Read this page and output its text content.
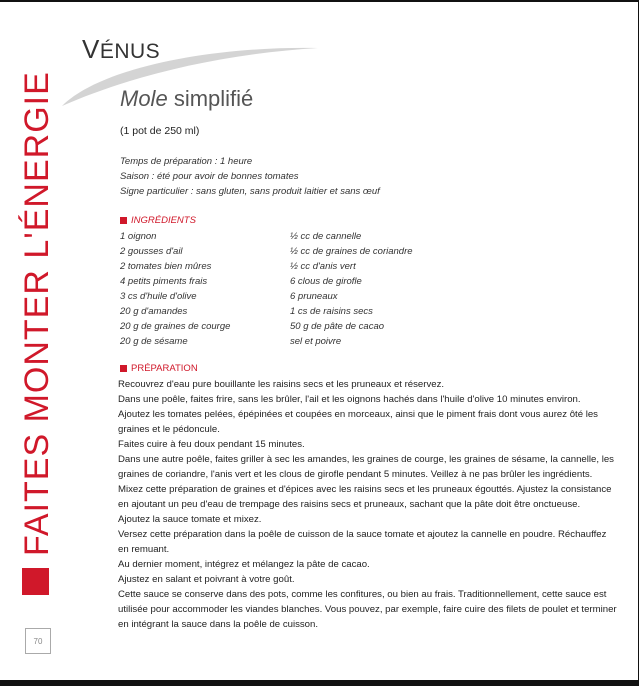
VÉNUS
FAITES MONTER L'ÉNERGIE
70
Mole simplifié
(1 pot de 250 ml)
Temps de préparation : 1 heure
Saison : été pour avoir de bonnes tomates
Signe particulier : sans gluten, sans produit laitier et sans œuf
INGRÉDIENTS
1 oignon
2 gousses d'ail
2 tomates bien mûres
4 petits piments frais
3 cs d'huile d'olive
20 g d'amandes
20 g de graines de courge
20 g de sésame
½ cc de cannelle
½ cc de graines de coriandre
½ cc d'anis vert
6 clous de girofle
6 pruneaux
1 cs de raisins secs
50 g de pâte de cacao
sel et poivre
PRÉPARATION

Recouvrez d'eau pure bouillante les raisins secs et les pruneaux et réservez.

Dans une poêle, faites frire, sans les brûler, l'ail et les oignons hachés dans l'huile d'olive 10 minutes environ.

Ajoutez les tomates pelées, épépinées et coupées en morceaux, ainsi que le piment frais dont vous aurez ôté les graines et le pédoncule.

Faites cuire à feu doux pendant 15 minutes.

Dans une autre poêle, faites griller à sec les amandes, les graines de courge, les graines de sésame, la cannelle, les graines de coriandre, l'anis vert et les clous de girofle pendant 5 minutes. Veillez à ne pas brûler les ingrédients.

Mixez cette préparation de graines et d'épices avec les raisins secs et les pruneaux égouttés. Ajustez la consistance en ajoutant un peu d'eau de trempage des raisins secs et pruneaux, sachant que la pâte doit être onctueuse.

Ajoutez la sauce tomate et mixez.

Versez cette préparation dans la poêle de cuisson de la sauce tomate et ajoutez la cannelle en poudre. Réchauffez en remuant.

Au dernier moment, intégrez et mélangez la pâte de cacao.

Ajustez en salant et poivrant à votre goût.

Cette sauce se conserve dans des pots, comme les confitures, ou bien au frais. Traditionnellement, cette sauce est utilisée pour accommoder les viandes blanches. Vous pouvez, par exemple, faire cuire des filets de poulet et terminer en intégrant la sauce dans la poêle de cuisson.
